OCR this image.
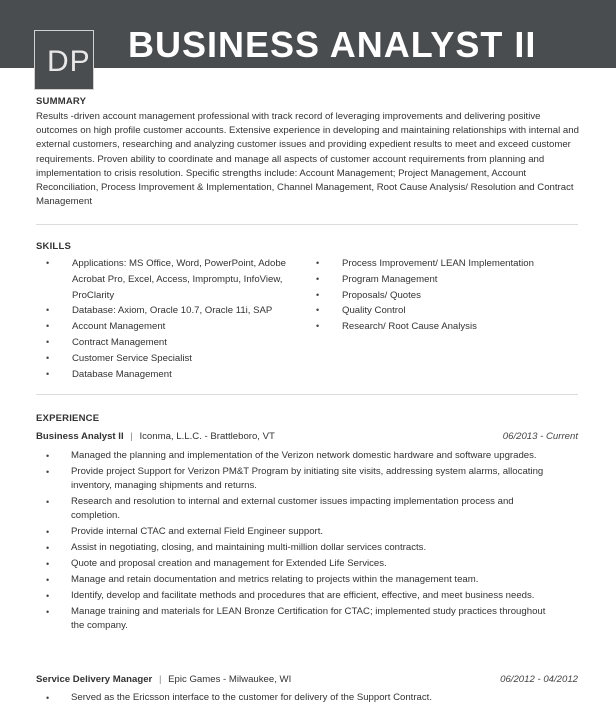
BUSINESS ANALYST II
DP
SUMMARY
Results -driven account management professional with track record of leveraging improvements and delivering positive outcomes on high profile customer accounts. Extensive experience in developing and maintaining relationships with internal and external customers, researching and analyzing customer issues and providing expedient results to meet and exceed customer requirements. Proven ability to coordinate and manage all aspects of customer account requirements from planning and implementation to crisis resolution. Specific strengths include: Account Management; Project Management, Account Reconciliation, Process Improvement & Implementation, Channel Management, Root Cause Analysis/ Resolution and Contract Management
SKILLS
• Applications: MS Office, Word, PowerPoint, Adobe Acrobat Pro, Excel, Access, Impromptu, InfoView, ProClarity
• Database: Axiom, Oracle 10.7, Oracle 11i, SAP
• Account Management
• Contract Management
• Customer Service Specialist
• Database Management
• Process Improvement/ LEAN Implementation
• Program Management
• Proposals/ Quotes
• Quality Control
• Research/ Root Cause Analysis
EXPERIENCE
Business Analyst II | Iconma, L.L.C. - Brattleboro, VT	06/2013 - Current
• Managed the planning and implementation of the Verizon network domestic hardware and software upgrades.
• Provide project Support for Verizon PM&T Program by initiating site visits, addressing system alarms, allocating inventory, managing shipments and returns.
• Research and resolution to internal and external customer issues impacting implementation process and completion.
• Provide internal CTAC and external Field Engineer support.
• Assist in negotiating, closing, and maintaining multi-million dollar services contracts.
• Quote and proposal creation and management for Extended Life Services.
• Manage and retain documentation and metrics relating to projects within the management team.
• Identify, develop and facilitate methods and procedures that are efficient, effective, and meet business needs.
• Manage training and materials for LEAN Bronze Certification for CTAC; implemented study practices throughout the company.
Service Delivery Manager | Epic Games - Milwaukee, WI	06/2012 - 04/2012
• Served as the Ericsson interface to the customer for delivery of the Support Contract.
